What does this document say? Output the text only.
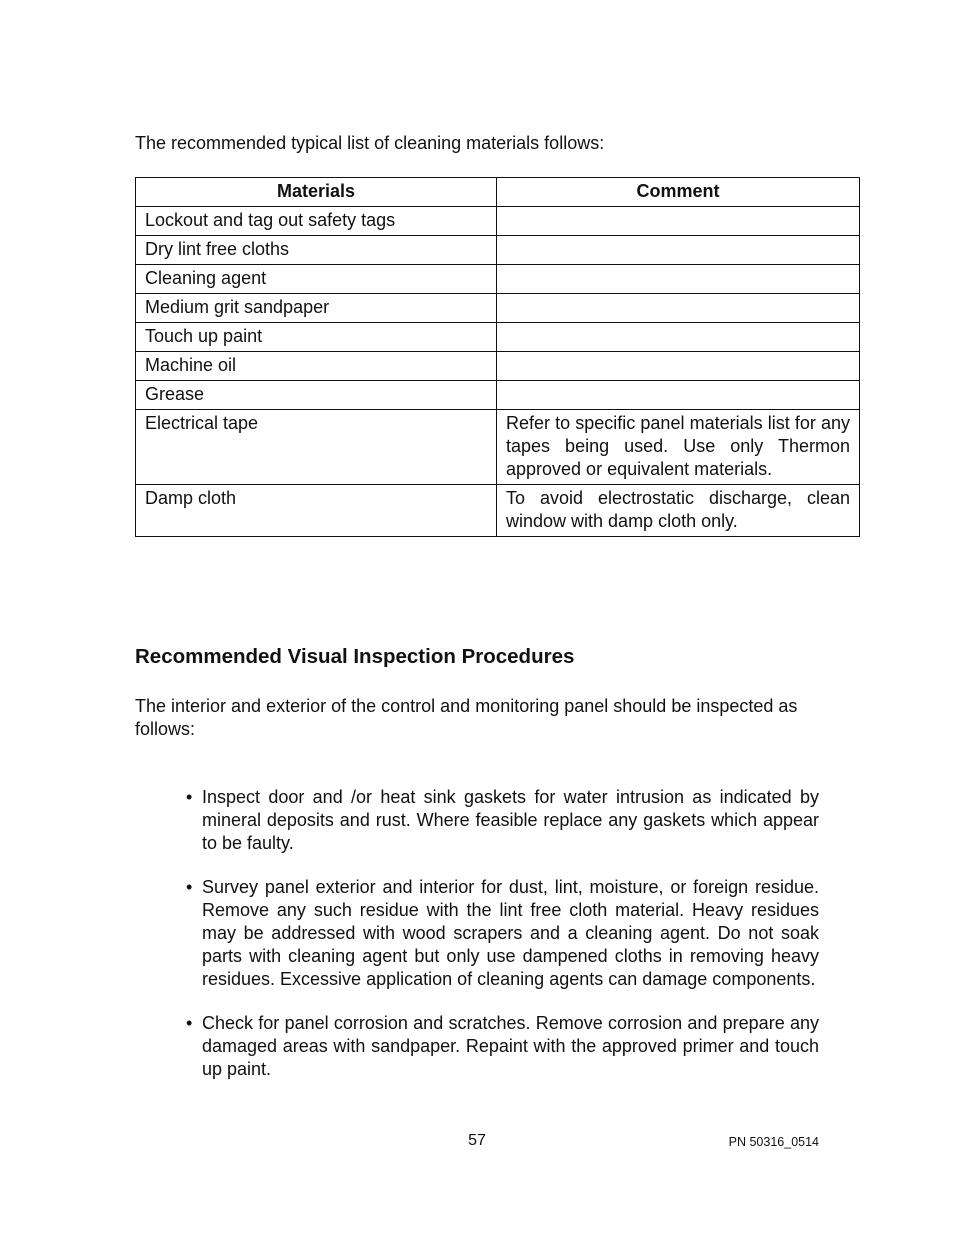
The recommended typical list of cleaning materials follows:
Materials	Comment
Lockout and tag out safety tags	
Dry lint free cloths	
Cleaning agent	
Medium grit sandpaper	
Touch up paint	
Machine oil	
Grease	
Electrical tape	Refer to specific panel materials list for any tapes being used. Use only Thermon approved or equivalent materials.
Damp cloth	To avoid electrostatic discharge, clean window with damp cloth only.
Recommended Visual Inspection Procedures

The interior and exterior of the control and monitoring panel should be inspected as follows:

• Inspect door and /or heat sink gaskets for water intrusion as indicated by mineral deposits and rust. Where feasible replace any gaskets which appear to be faulty.
• Survey panel exterior and interior for dust, lint, moisture, or foreign residue. Remove any such residue with the lint free cloth material. Heavy residues may be addressed with wood scrapers and a cleaning agent. Do not soak parts with cleaning agent but only use dampened cloths in removing heavy residues. Excessive application of cleaning agents can damage components.
• Check for panel corrosion and scratches. Remove corrosion and prepare any damaged areas with sandpaper. Repaint with the approved primer and touch up paint.
57	PN 50316_0514
